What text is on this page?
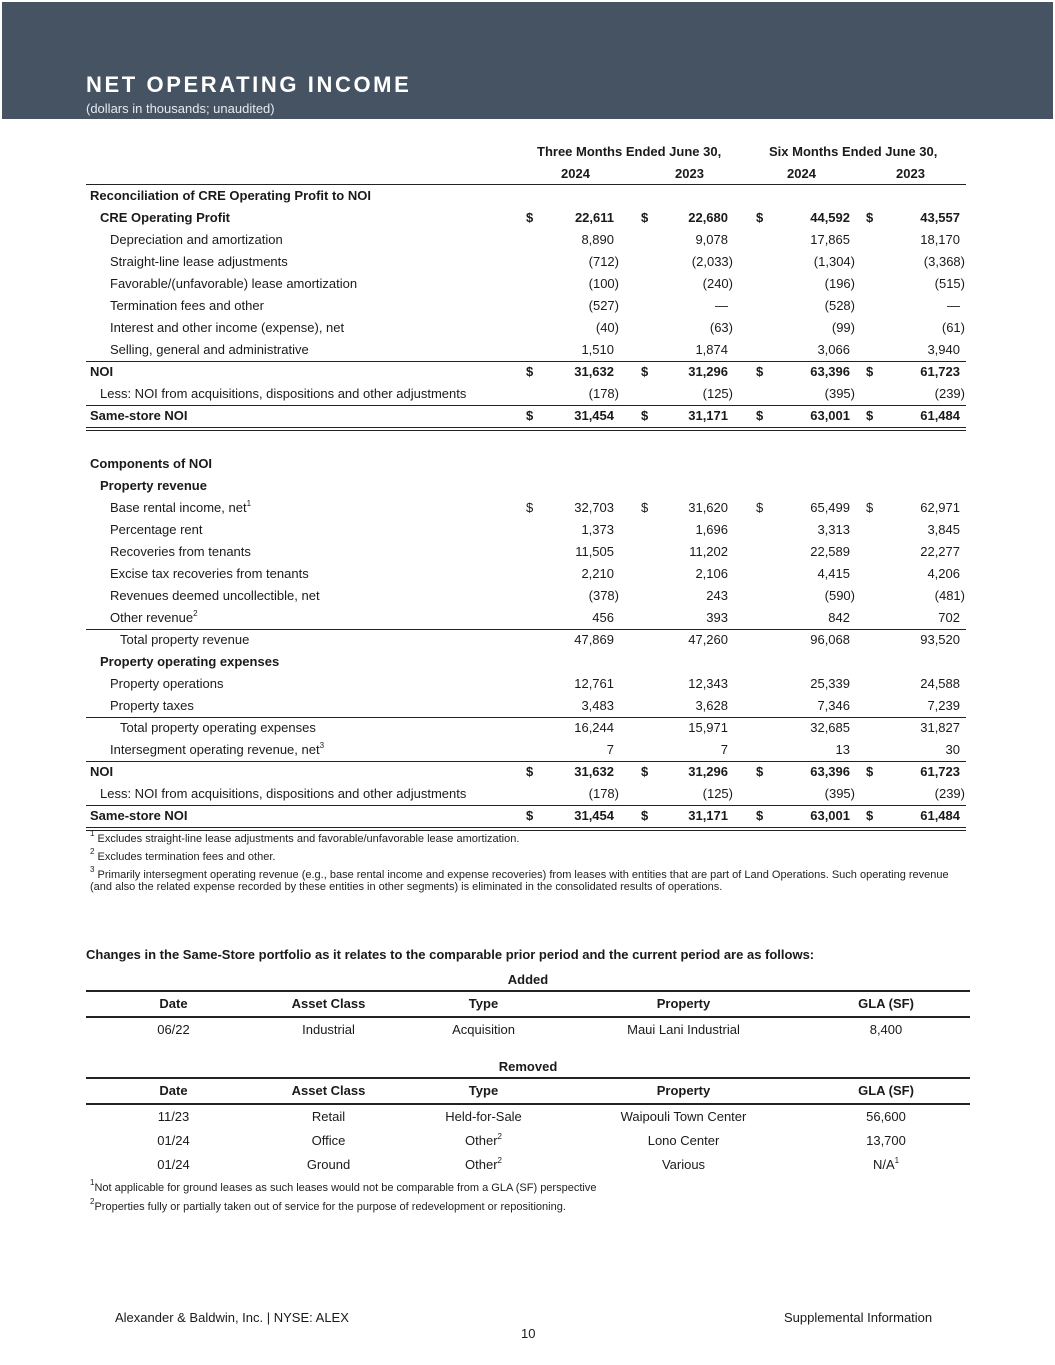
NET OPERATING INCOME
(dollars in thousands; unaudited)
Three Months Ended June 30,	Six Months Ended June 30,
2024	2023	2024	2023
Reconciliation of CRE Operating Profit to NOI
CRE Operating Profit	$	22,611 $	22,680 $	44,592 $	43,557
Depreciation and amortization	8,890	9,078	17,865	18,170
Straight-line lease adjustments	(712)	(2,033)	(1,304)	(3,368)
Favorable/(unfavorable) lease amortization	(100)	(240)	(196)	(515)
Termination fees and other	(527)	—	(528)	—
Interest and other income (expense), net	(40)	(63)	(99)	(61)
Selling, general and administrative	1,510	1,874	3,066	3,940
NOI	$	31,632 $	31,296 $	63,396 $	61,723
Less: NOI from acquisitions, dispositions and other adjustments	(178)	(125)	(395)	(239)
Same-store NOI	$	31,454 $	31,171 $	63,001 $	61,484
Components of NOI
Property revenue
Base rental income, net$^1$	$	32,703 $	31,620 $	65,499 $	62,971
Percentage rent	1,373	1,696	3,313	3,845
Recoveries from tenants	11,505	11,202	22,589	22,277
Excise tax recoveries from tenants	2,210	2,106	4,415	4,206
Revenues deemed uncollectible, net	(378)	243	(590)	(481)
Other revenue$^2$	456	393	842	702
Total property revenue	47,869	47,260	96,068	93,520
Property operating expenses
Property operations	12,761	12,343	25,339	24,588
Property taxes	3,483	3,628	7,346	7,239
Total property operating expenses	16,244	15,971	32,685	31,827
Intersegment operating revenue, net$^3$	7	7	13	30
NOI	$	31,632 $	31,296 $	63,396 $	61,723
Less: NOI from acquisitions, dispositions and other adjustments	(178)	(125)	(395)	(239)
Same-store NOI	$	31,454 $	31,171 $	63,001 $	61,484
$^1$ Excludes straight-line lease adjustments and favorable/unfavorable lease amortization.
$^2$ Excludes termination fees and other.
$^3$ Primarily intersegment operating revenue (e.g., base rental income and expense recoveries) from leases with entities that are part of Land Operations. Such operating revenue (and also the related expense recorded by these entities in other segments) is eliminated in the consolidated results of operations.
Changes in the Same-Store portfolio as it relates to the comparable prior period and the current period are as follows:
Added
Date	Asset Class	Type	Property	GLA (SF)
06/22	Industrial	Acquisition	Maui Lani Industrial	8,400
Removed
Date	Asset Class	Type	Property	GLA (SF)
11/23	Retail	Held-for-Sale	Waipouli Town Center	56,600
01/24	Office	Other$^2$	Lono Center	13,700
01/24	Ground	Other$^2$	Various	$N/A^1$
$^1$Not applicable for ground leases as such leases would not be comparable from a GLA (SF) perspective
$^2$Properties fully or partially taken out of service for the purpose of redevelopment or repositioning.
Alexander & Baldwin, Inc. | NYSE: ALEX	Supplemental Information
10
